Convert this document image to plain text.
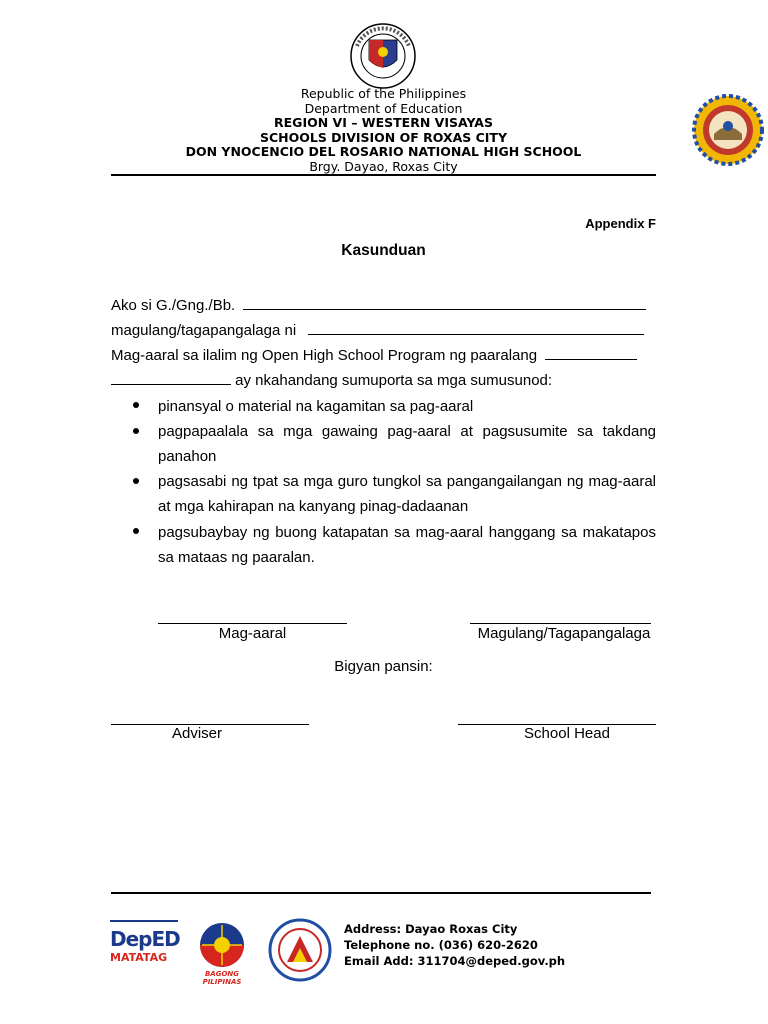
Republic of the Philippines
Department of Education
REGION VI – WESTERN VISAYAS
SCHOOLS DIVISION OF ROXAS CITY
DON YNOCENCIO DEL ROSARIO NATIONAL HIGH SCHOOL
Brgy. Dayao, Roxas City
Appendix F
Kasunduan
Ako si G./Gng./Bb.
magulang/tagapangalaga ni
Mag-aaral sa ilalim ng Open High School Program ng paaralang
ay nkahandang sumuporta sa mga sumusunod:
pinansyal o material na kagamitan sa pag-aaral
pagpapaalala sa mga gawaing pag-aaral at pagsusumite sa takdang panahon
pagsasabi ng tpat sa mga guro tungkol sa pangangailangan ng mag-aaral at mga kahirapan na kanyang pinag-dadaanan
pagsubaybay ng buong katapatan sa mag-aaral hanggang sa makatapos sa mataas ng paaralan.
Mag-aaral	Magulang/Tagapangalaga
Bigyan pansin:
Adviser	School Head
DepED
MATATAG
BAGONG PILIPINAS
Address: Dayao Roxas City
Telephone no. (036) 620-2620
Email Add: 311704@deped.gov.ph
